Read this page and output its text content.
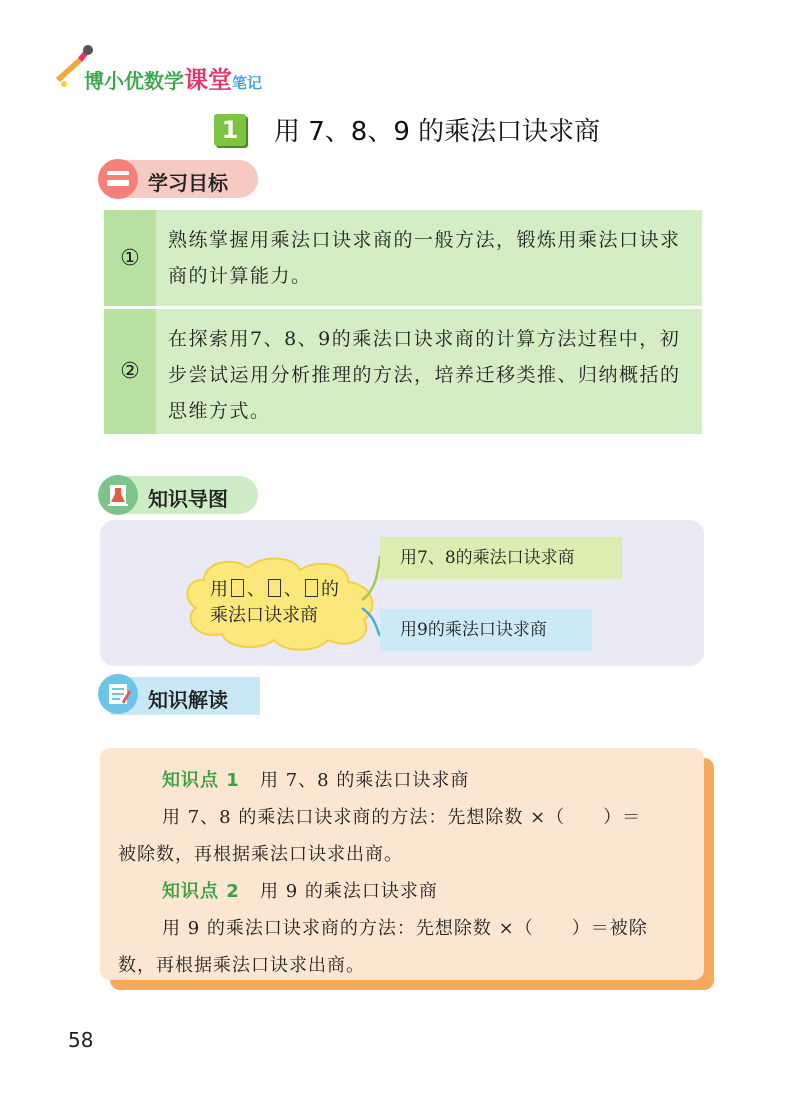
博小优数学课堂笔记
1 用 7、8、9 的乘法口诀求商
学习目标
①
熟练掌握用乘法口诀求商的一般方法，锻炼用乘法口诀求商的计算能力。
②
在探索用7、8、9的乘法口诀求商的计算方法过程中，初步尝试运用分析推理的方法，培养迁移类推、归纳概括的思维方式。
知识导图
用 、 、 的
乘法口诀求商
用7、8的乘法口诀求商
用9的乘法口诀求商
知识解读
知识点 1 用 7、8 的乘法口诀求商
用 7、8 的乘法口诀求商的方法：先想除数 ×（　　）＝
被除数，再根据乘法口诀求出商。
知识点 2 用 9 的乘法口诀求商
用 9 的乘法口诀求商的方法：先想除数 ×（　　）＝被除
数，再根据乘法口诀求出商。
58
